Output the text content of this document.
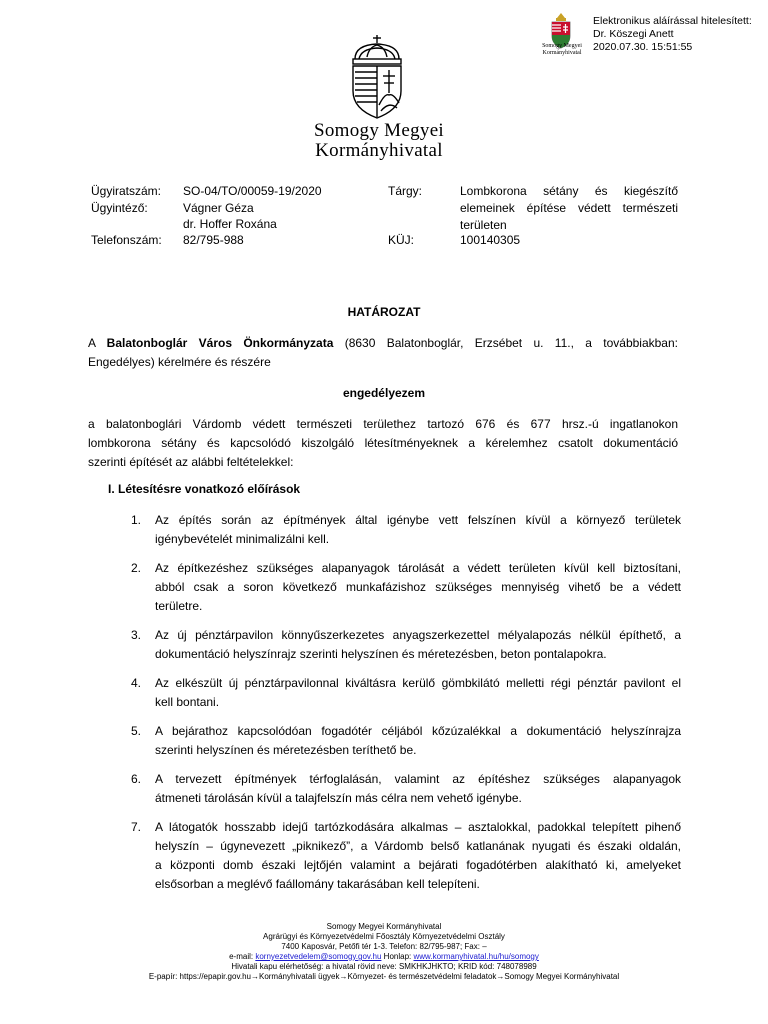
Somogy Megyei
Kormányhivatal
Elektronikus aláírással hitelesített:
Dr. Köszegi Anett
2020.07.30. 15:51:55
Somogy Megyei
Kormányhivatal
Ügyiratszám: SO-04/TO/00059-19/2020
Ügyintéző:	Vágner Géza
dr. Hoffer Roxána
Telefonszám: 82/795-988
Tárgy:	Lombkorona sétány és kiegészítő
elemeinek építése védett természeti
területen
KÜJ:	100140305
HATÁROZAT
A Balatonboglár Város Önkormányzata (8630 Balatonboglár, Erzsébet u. 11., a továbbiakban:
Engedélyes) kérelmére és részére
engedélyezem
a balatonboglári Várdomb védett természeti területhez tartozó 676 és 677 hrsz.-ú ingatlanokon
lombkorona sétány és kapcsolódó kiszolgáló létesítményeknek a kérelemhez csatolt dokumentáció
szerinti építését az alábbi feltételekkel:
I. Létesítésre vonatkozó előírások
1.	Az építés során az építmények által igénybe vett felszínen kívül a környező területek
igénybevételét minimalizálni kell.
2.	Az építkezéshez szükséges alapanyagok tárolását a védett területen kívül kell biztosítani,
abból csak a soron következő munkafázishoz szükséges mennyiség vihető be a védett
területre.
3.	Az új pénztárpavilon könnyűszerkezetes anyagszerkezettel mélyalapozás nélkül építhető, a
dokumentáció helyszínrajz szerinti helyszínen és méretezésben, beton pontalapokra.
4.	Az elkészült új pénztárpavilonnal kiváltásra kerülő gömbkilátó melletti régi pénztár pavilont el
kell bontani.
5.	A bejárathoz kapcsolódóan fogadótér céljából kőzúzalékkal a dokumentáció helyszínrajza
szerinti helyszínen és méretezésben teríthető be.
6.	A tervezett építmények térfoglalásán, valamint az építéshez szükséges alapanyagok
átmeneti tárolásán kívül a talajfelszín más célra nem vehető igénybe.
7.	A látogatók hosszabb idejű tartózkodására alkalmas – asztalokkal, padokkal telepített pihenő
helyszín – úgynevezett „piknikező”, a Várdomb belső katlanának nyugati és északi oldalán,
a központi domb északi lejtőjén valamint a bejárati fogadótérben alakítható ki, amelyeket
elsősorban a meglévő faállomány takarásában kell telepíteni.
Somogy Megyei Kormányhivatal
Agrárügyi és Környezetvédelmi Főosztály Környezetvédelmi Osztály
7400 Kaposvár, Petőfi tér 1-3. Telefon: 82/795-987; Fax: –
e-mail: kornyezetvedelem@somogy.gov.hu Honlap: www.kormanyhivatal.hu/hu/somogy
Hivatali kapu elérhetőség: a hivatal rövid neve: SMKHKJHKTO; KRID kód: 748078989
E-papír: https://epapir.gov.hu→Kormányhivatali ügyek→Környezet- és természetvédelmi feladatok→Somogy Megyei Kormányhivatal
